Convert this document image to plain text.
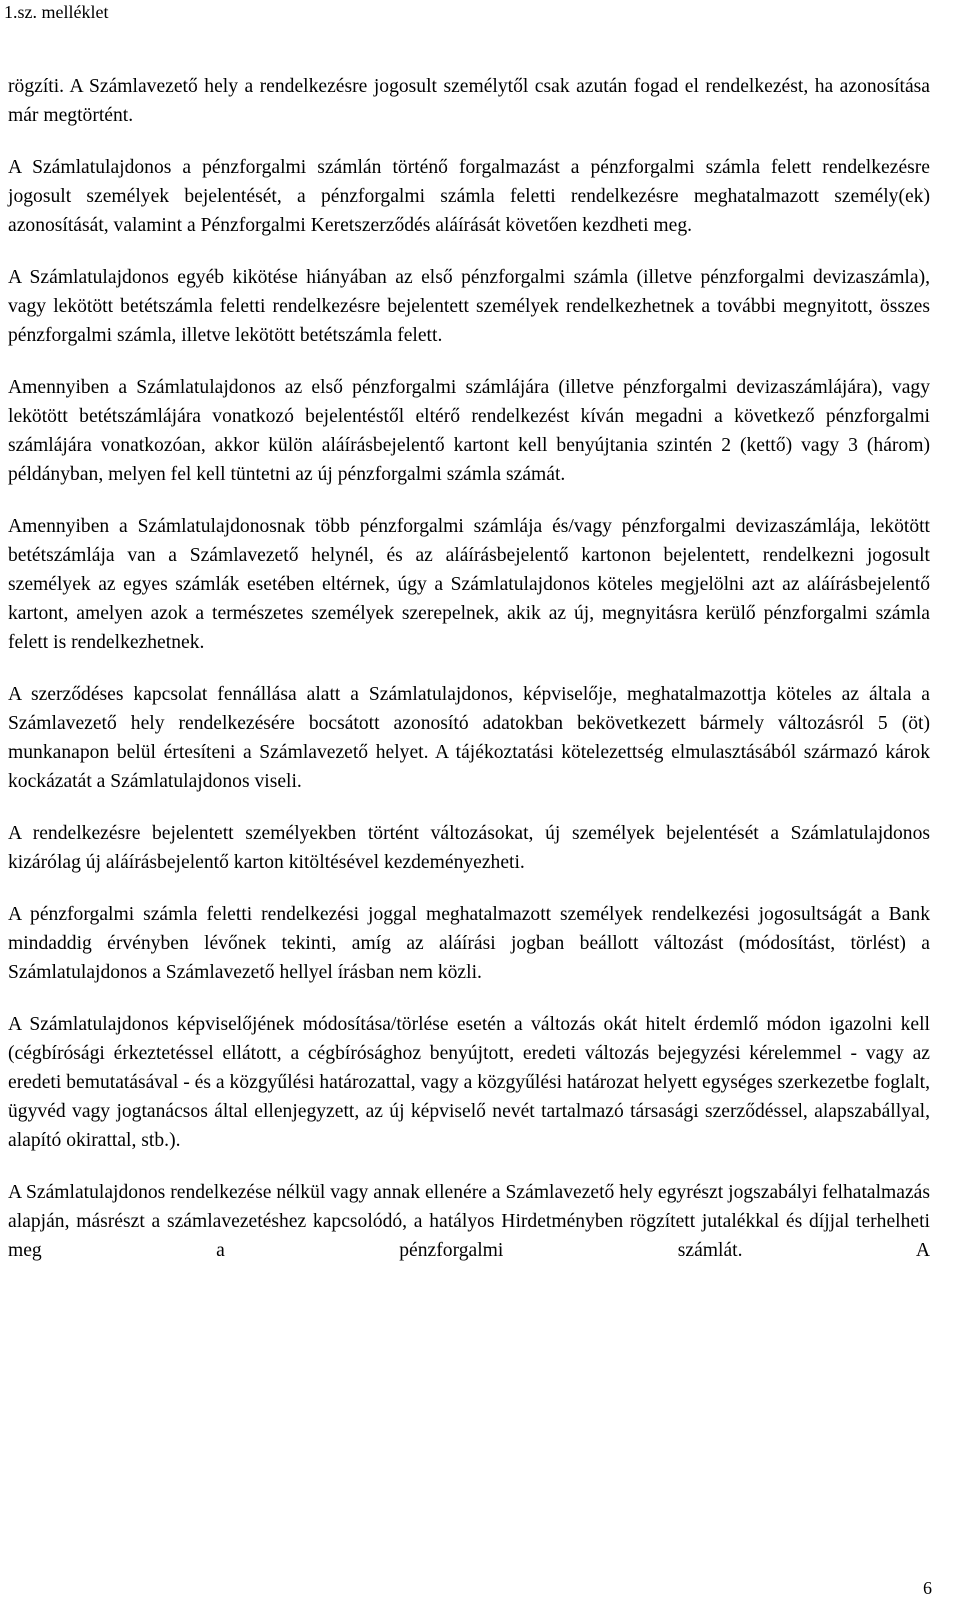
1.sz. melléklet

rögzíti. A Számlavezető hely a rendelkezésre jogosult személytől csak azután fogad el rendelkezést, ha azonosítása már megtörtént.

A Számlatulajdonos a pénzforgalmi számlán történő forgalmazást a pénzforgalmi számla felett rendelkezésre jogosult személyek bejelentését, a pénzforgalmi számla feletti rendelkezésre meghatalmazott személy(ek) azonosítását, valamint a Pénzforgalmi Keretszerződés aláírását követően kezdheti meg.

A Számlatulajdonos egyéb kikötése hiányában az első pénzforgalmi számla (illetve pénzforgalmi devizaszámla), vagy lekötött betétszámla feletti rendelkezésre bejelentett személyek rendelkezhetnek a további megnyitott, összes pénzforgalmi számla, illetve lekötött betétszámla felett.

Amennyiben a Számlatulajdonos az első pénzforgalmi számlájára (illetve pénzforgalmi devizaszámlájára), vagy lekötött betétszámlájára vonatkozó bejelentéstől eltérő rendelkezést kíván megadni a következő pénzforgalmi számlájára vonatkozóan, akkor külön aláírásbejelentő kartont kell benyújtania szintén 2 (kettő) vagy 3 (három) példányban, melyen fel kell tüntetni az új pénzforgalmi számla számát.

Amennyiben a Számlatulajdonosnak több pénzforgalmi számlája és/vagy pénzforgalmi devizaszámlája, lekötött betétszámlája van a Számlavezető helynél, és az aláírásbejelentő kartonon bejelentett, rendelkezni jogosult személyek az egyes számlák esetében eltérnek, úgy a Számlatulajdonos köteles megjelölni azt az aláírásbejelentő kartont, amelyen azok a természetes személyek szerepelnek, akik az új, megnyitásra kerülő pénzforgalmi számla felett is rendelkezhetnek.

A szerződéses kapcsolat fennállása alatt a Számlatulajdonos, képviselője, meghatalmazottja köteles az általa a Számlavezető hely rendelkezésére bocsátott azonosító adatokban bekövetkezett bármely változásról 5 (öt) munkanapon belül értesíteni a Számlavezető helyet. A tájékoztatási kötelezettség elmulasztásából származó károk kockázatát a Számlatulajdonos viseli.

A rendelkezésre bejelentett személyekben történt változásokat, új személyek bejelentését a Számlatulajdonos kizárólag új aláírásbejelentő karton kitöltésével kezdeményezheti.

A pénzforgalmi számla feletti rendelkezési joggal meghatalmazott személyek rendelkezési jogosultságát a Bank mindaddig érvényben lévőnek tekinti, amíg az aláírási jogban beállott változást (módosítást, törlést) a Számlatulajdonos a Számlavezető hellyel írásban nem közli.

A Számlatulajdonos képviselőjének módosítása/törlése esetén a változás okát hitelt érdemlő módon igazolni kell (cégbírósági érkeztetéssel ellátott, a cégbírósághoz benyújtott, eredeti változás bejegyzési kérelemmel - vagy az eredeti bemutatásával - és a közgyűlési határozattal, vagy a közgyűlési határozat helyett egységes szerkezetbe foglalt, ügyvéd vagy jogtanácsos által ellenjegyzett, az új képviselő nevét tartalmazó társasági szerződéssel, alapszabállyal, alapító okirattal, stb.).

A Számlatulajdonos rendelkezése nélkül vagy annak ellenére a Számlavezető hely egyrészt jogszabályi felhatalmazás alapján, másrészt a számlavezetéshez kapcsolódó, a hatályos Hirdetményben rögzített jutalékkal és díjjal terhelheti meg a pénzforgalmi számlát. A

6
